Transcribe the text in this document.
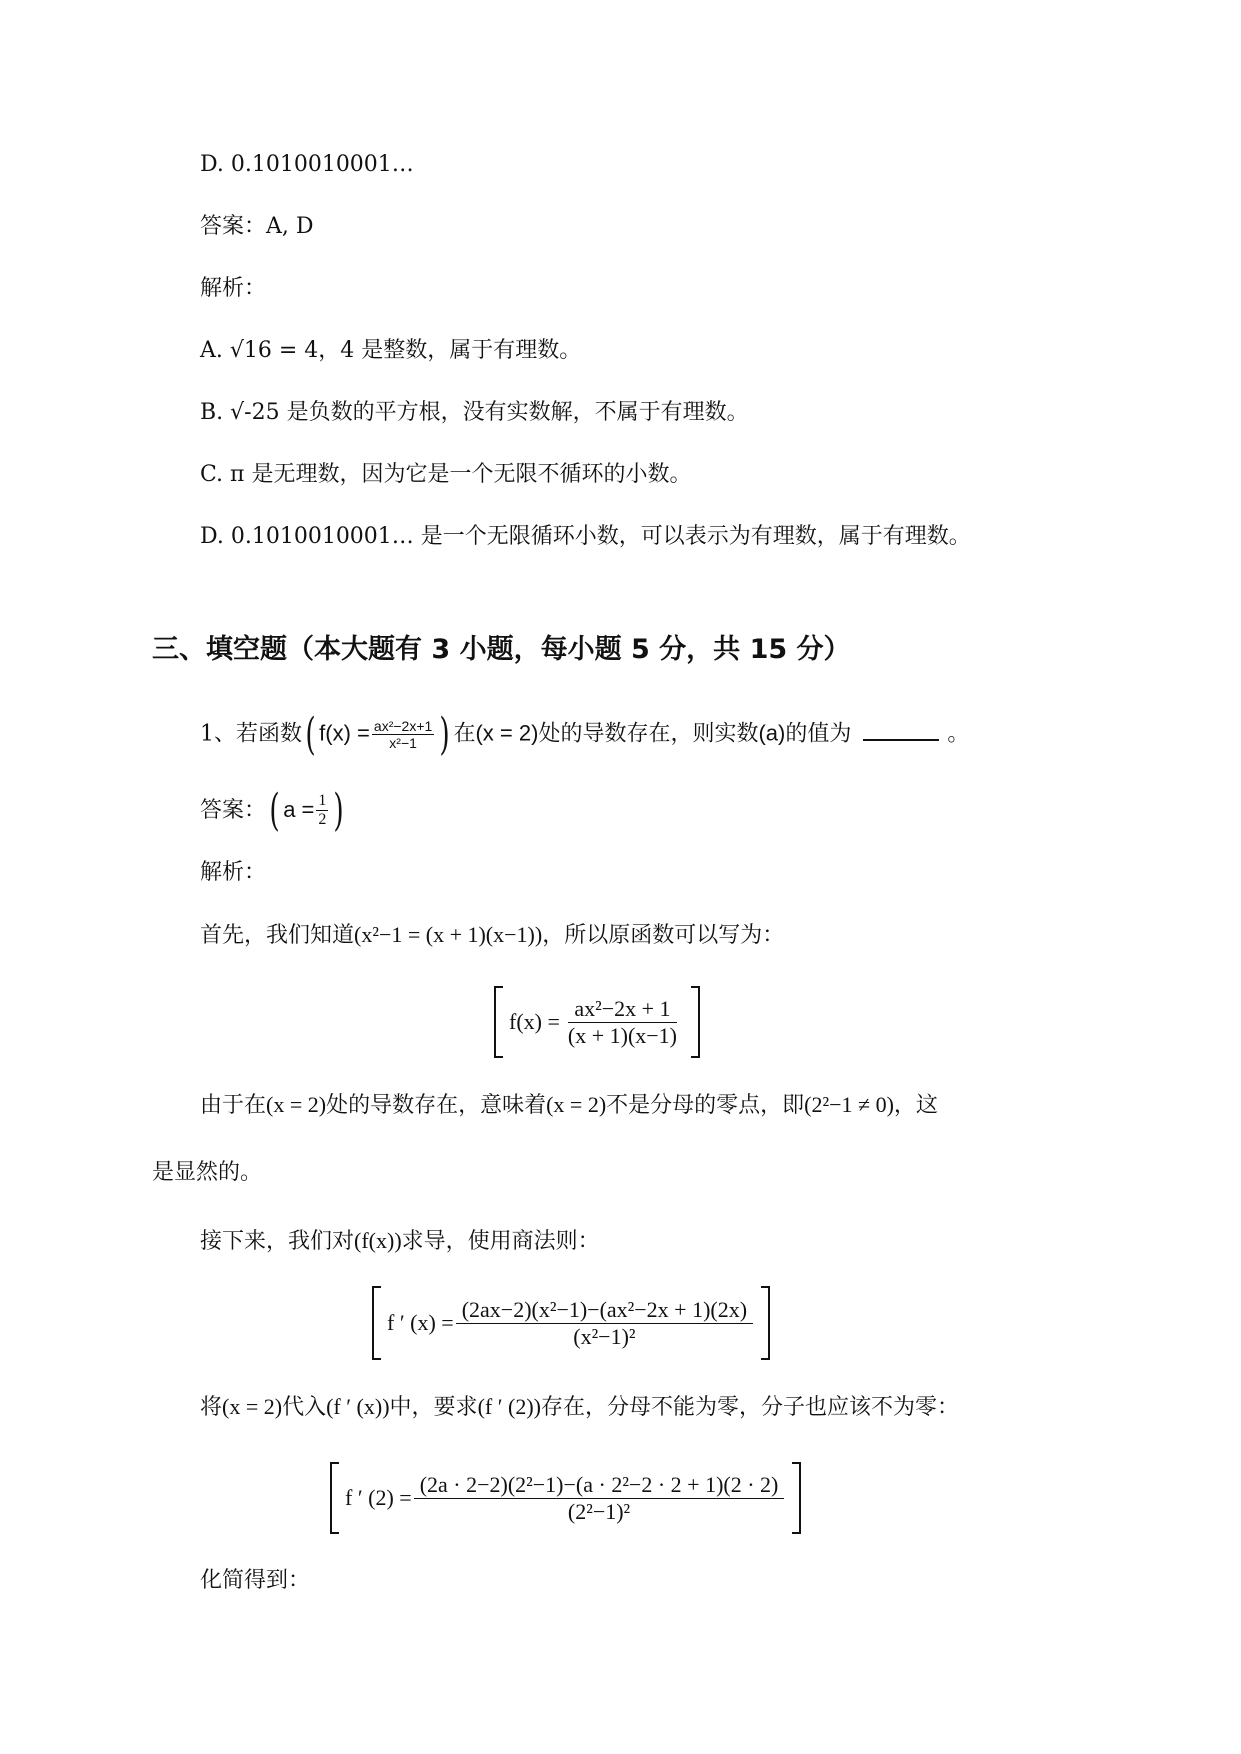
D. 0.1010010001…
答案：A, D
解析：
A. √16 = 4，4 是整数，属于有理数。
B. √-25 是负数的平方根，没有实数解，不属于有理数。
C. π 是无理数，因为它是一个无限不循环的小数。
D. 0.1010010001… 是一个无限循环小数，可以表示为有理数，属于有理数。
三、填空题（本大题有 3 小题，每小题 5 分，共 15 分）
1、若函数( $f(x) = \frac{\text{ax²−2x+1}}{\text{x²−1}}$ ) 在(x = 2)处的导数存在，则实数(a)的值为	。
答案：( $a = \frac{1}{2}$ )
解析：
首先，我们知道(x²−1 = (x + 1)(x−1))，所以原函数可以写为：
$f(x) = \frac{\text{ax²−2x + 1}}{(x + 1)(x-1)}$
由于在(x = 2)处的导数存在，意味着(x = 2)不是分母的零点，即(2²−1 ≠ 0)，这
是显然的。
接下来，我们对(f(x))求导，使用商法则：
f ′ $(x) = \frac{\text{(2ax−2)(x²−1)−(ax²−2x + 1)(2x)}}{\text{(x²−1)²}}$
将(x = 2)代入(f ′ (x))中，要求(f ′ (2))存在，分母不能为零，分子也应该不为零：
f ′ $(2) = \frac{\text{(2a · 2−2)(2²−1)−(a · 2²−2 · 2 + 1)(2 · 2)}}{\text{(2²−1)²}}$
化简得到：
